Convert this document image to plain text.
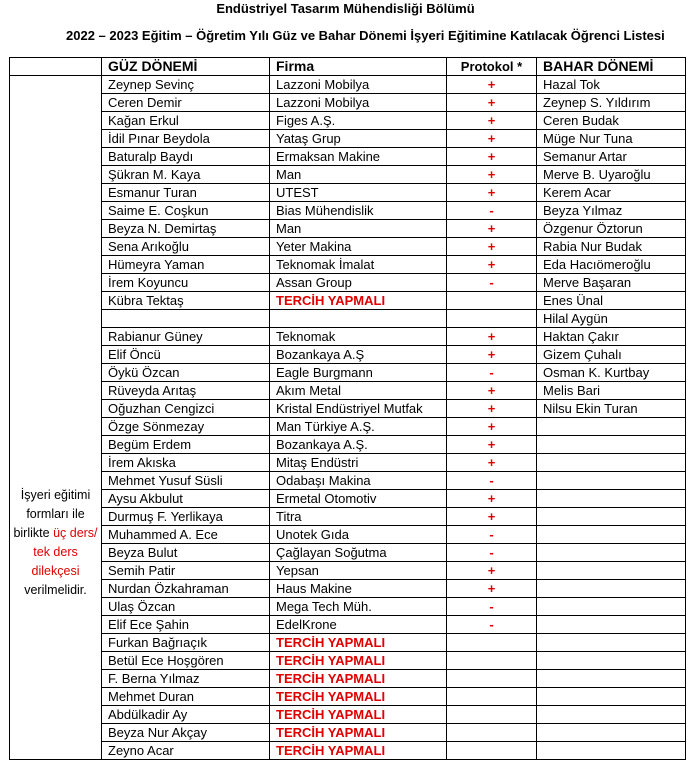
Endüstriyel Tasarım Mühendisliği Bölümü
2022 – 2023 Eğitim – Öğretim Yılı Güz ve Bahar Dönemi İşyeri Eğitimine Katılacak Öğrenci Listesi
	GÜZ DÖNEMİ	Firma	Protokol *	BAHAR DÖNEMİ
	Zeynep Sevinç	Lazzoni Mobilya	+	Hazal Tok
	Ceren Demir	Lazzoni Mobilya	+	Zeynep S. Yıldırım
	Kağan Erkul	Figes A.Ş.	+	Ceren Budak
	İdil Pınar Beydola	Yataş Grup	+	Müge Nur Tuna
	Baturalp Baydı	Ermaksan Makine	+	Semanur Artar
	Şükran M. Kaya	Man	+	Merve B. Uyaroğlu
	Esmanur Turan	UTEST	+	Kerem Acar
	Saime E. Coşkun	Bias Mühendislik	-	Beyza Yılmaz
	Beyza N. Demirtaş	Man	+	Özgenur Öztorun
	Sena Arıkoğlu	Yeter Makina	+	Rabia Nur Budak
	Hümeyra Yaman	Teknomak İmalat	+	Eda Hacıömeroğlu
	İrem Koyuncu	Assan Group	-	Merve Başaran
	Kübra Tektaş	TERCİH YAPMALI		Enes Ünal
				Hilal Aygün
İşyeri eğitimi formları ile birlikte üç ders/ tek ders dilekçesi verilmelidir.	Rabianur Güney	Teknomak	+	Haktan Çakır
	Elif Öncü	Bozankaya A.Ş	+	Gizem Çuhalı
	Öykü Özcan	Eagle Burgmann	-	Osman K. Kurtbay
	Rüveyda Arıtaş	Akım Metal	+	Melis Bari
	Oğuzhan Cengizci	Kristal Endüstriyel Mutfak	+	Nilsu Ekin Turan
	Özge Sönmezay	Man Türkiye A.Ş.	+	
	Begüm Erdem	Bozankaya A.Ş.	+	
	İrem Akıska	Mitaş Endüstri	+	
	Mehmet Yusuf Süsli	Odabaşı Makina	-	
	Aysu Akbulut	Ermetal Otomotiv	+	
	Durmuş F. Yerlikaya	Titra	+	
	Muhammed A. Ece	Unotek Gıda	-	
	Beyza Bulut	Çağlayan Soğutma	-	
	Semih Patir	Yepsan	+	
	Nurdan Özkahraman	Haus Makine	+	
	Ulaş Özcan	Mega Tech Müh.	-	
	Elif Ece Şahin	EdelKrone	-	
	Furkan Bağrıaçık	TERCİH YAPMALI		
	Betül Ece Hoşgören	TERCİH YAPMALI		
	F. Berna Yılmaz	TERCİH YAPMALI		
	Mehmet Duran	TERCİH YAPMALI		
	Abdülkadir Ay	TERCİH YAPMALI		
	Beyza Nur Akçay	TERCİH YAPMALI		
	Zeyno Acar	TERCİH YAPMALI		
